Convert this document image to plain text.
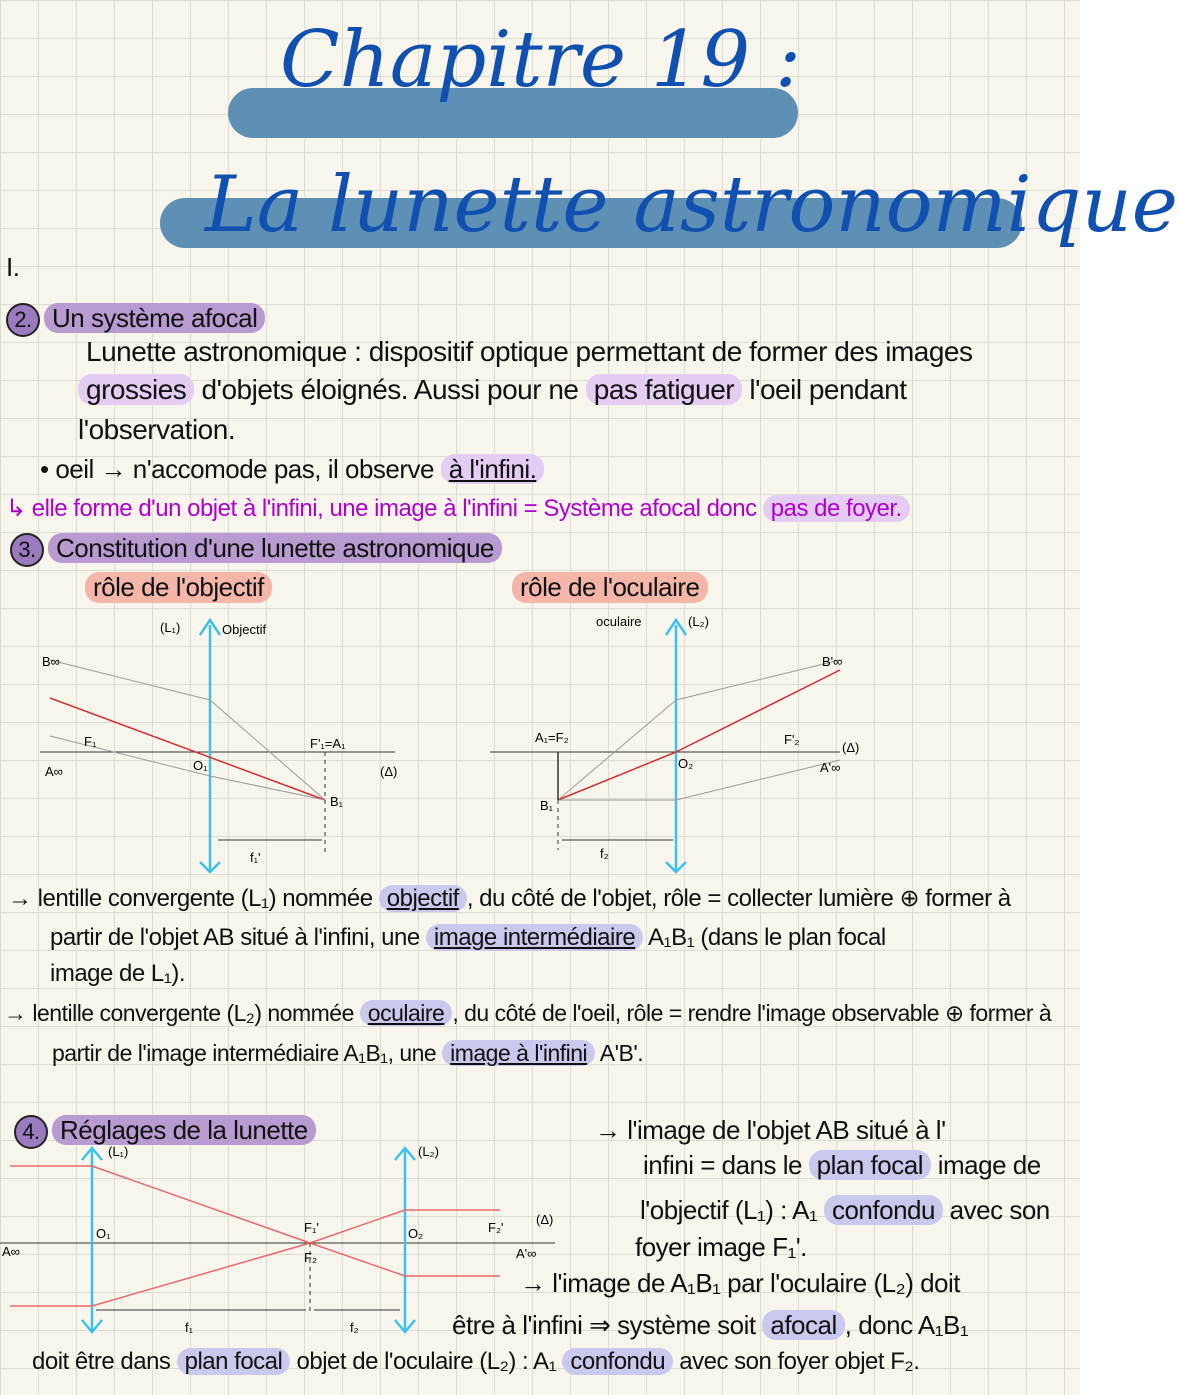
Chapitre 19 :
La lunette astronomique
I.
2. Un système afocal
Lunette astronomique : dispositif optique permettant de former des images
grossies d'objets éloignés. Aussi pour ne pas fatiguer l'oeil pendant
l'observation.
• oeil → n'accomode pas, il observe à l'infini.
↳ elle forme d'un objet à l'infini, une image à l'infini = Système afocal donc pas de foyer.
3. Constitution d'une lunette astronomique
rôle de l'objectif	rôle de l'oculaire
(L₁)	Objectif
B∞
A∞
F₁
O₁
F'₁=A₁
(Δ)
B₁
f₁'
oculaire	(L₂)
B'∞
A₁=F₂
O₂
F'₂
(Δ)
A'∞
B₁
f₂
→ lentille convergente (L₁) nommée objectif , du côté de l'objet, rôle = collecter lumière ⊕ former à
partir de l'objet AB situé à l'infini, une image intermédiaire A₁B₁ (dans le plan focal
image de L₁).
→ lentille convergente (L₂) nommée oculaire , du côté de l'oeil, rôle = rendre l'image observable ⊕ former à
partir de l'image intermédiaire A₁B₁, une image à l'infini A'B'.
4. Réglages de la lunette
(L₁)	(L₂)
A∞
O₁	F₁'
F₂
O₂	F₂'
(Δ)
A'∞
f₁	f₂
→ l'image de l'objet AB situé à l'
infini = dans le plan focal image de
l'objectif (L₁) : A₁ confondu avec son
foyer image F₁'.
→ l'image de A₁B₁ par l'oculaire (L₂) doit
être à l'infini ⇒ système soit afocal , donc A₁B₁
doit être dans plan focal objet de l'oculaire (L₂) : A₁ confondu avec son foyer objet F₂.
